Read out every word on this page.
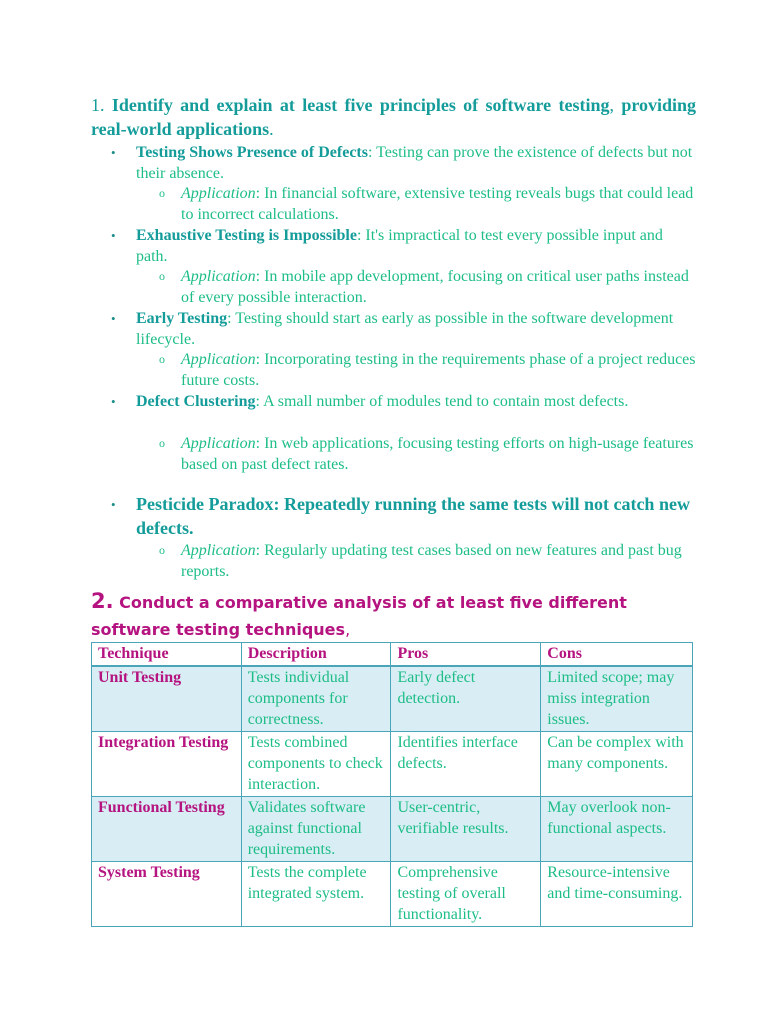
1. Identify and explain at least five principles of software testing, providing real-world applications.
• Testing Shows Presence of Defects: Testing can prove the existence of defects but not their absence.
o Application: In financial software, extensive testing reveals bugs that could lead to incorrect calculations.
• Exhaustive Testing is Impossible: It's impractical to test every possible input and path.
o Application: In mobile app development, focusing on critical user paths instead of every possible interaction.
• Early Testing: Testing should start as early as possible in the software development lifecycle.
o Application: Incorporating testing in the requirements phase of a project reduces future costs.
• Defect Clustering: A small number of modules tend to contain most defects.
o Application: In web applications, focusing testing efforts on high-usage features based on past defect rates.
• Pesticide Paradox: Repeatedly running the same tests will not catch new defects.
o Application: Regularly updating test cases based on new features and past bug reports.
2. Conduct a comparative analysis of at least five different software testing techniques,
Technique	Description	Pros	Cons
Unit Testing	Tests individual components for correctness.	Early defect detection.	Limited scope; may miss integration issues.
Integration Testing	Tests combined components to check interaction.	Identifies interface defects.	Can be complex with many components.
Functional Testing	Validates software against functional requirements.	User-centric, verifiable results.	May overlook non-functional aspects.
System Testing	Tests the complete integrated system.	Comprehensive testing of overall functionality.	Resource-intensive and time-consuming.
